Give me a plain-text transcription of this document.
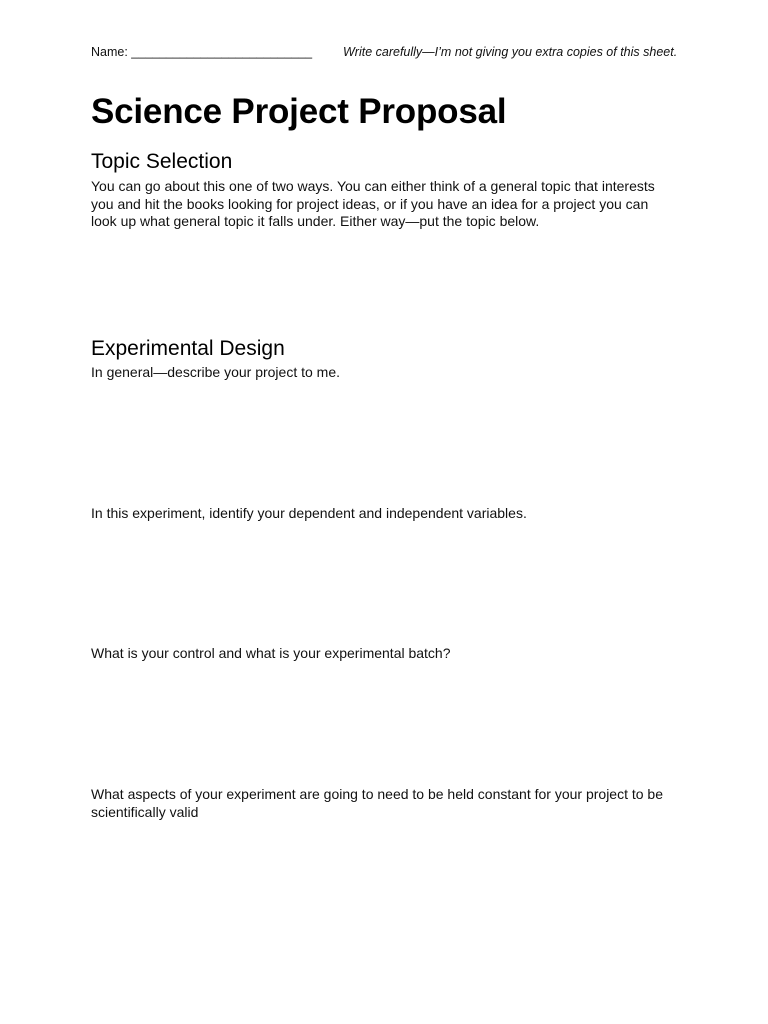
Name: __________________________ Write carefully—I’m not giving you extra copies of this sheet.
Science Project Proposal
Topic Selection

You can go about this one of two ways. You can either think of a general topic that interests you and hit the books looking for project ideas, or if you have an idea for a project you can look up what general topic it falls under. Either way—put the topic below.

Experimental Design

In general—describe your project to me.

In this experiment, identify your dependent and independent variables.

What is your control and what is your experimental batch?

What aspects of your experiment are going to need to be held constant for your project to be scientifically valid
